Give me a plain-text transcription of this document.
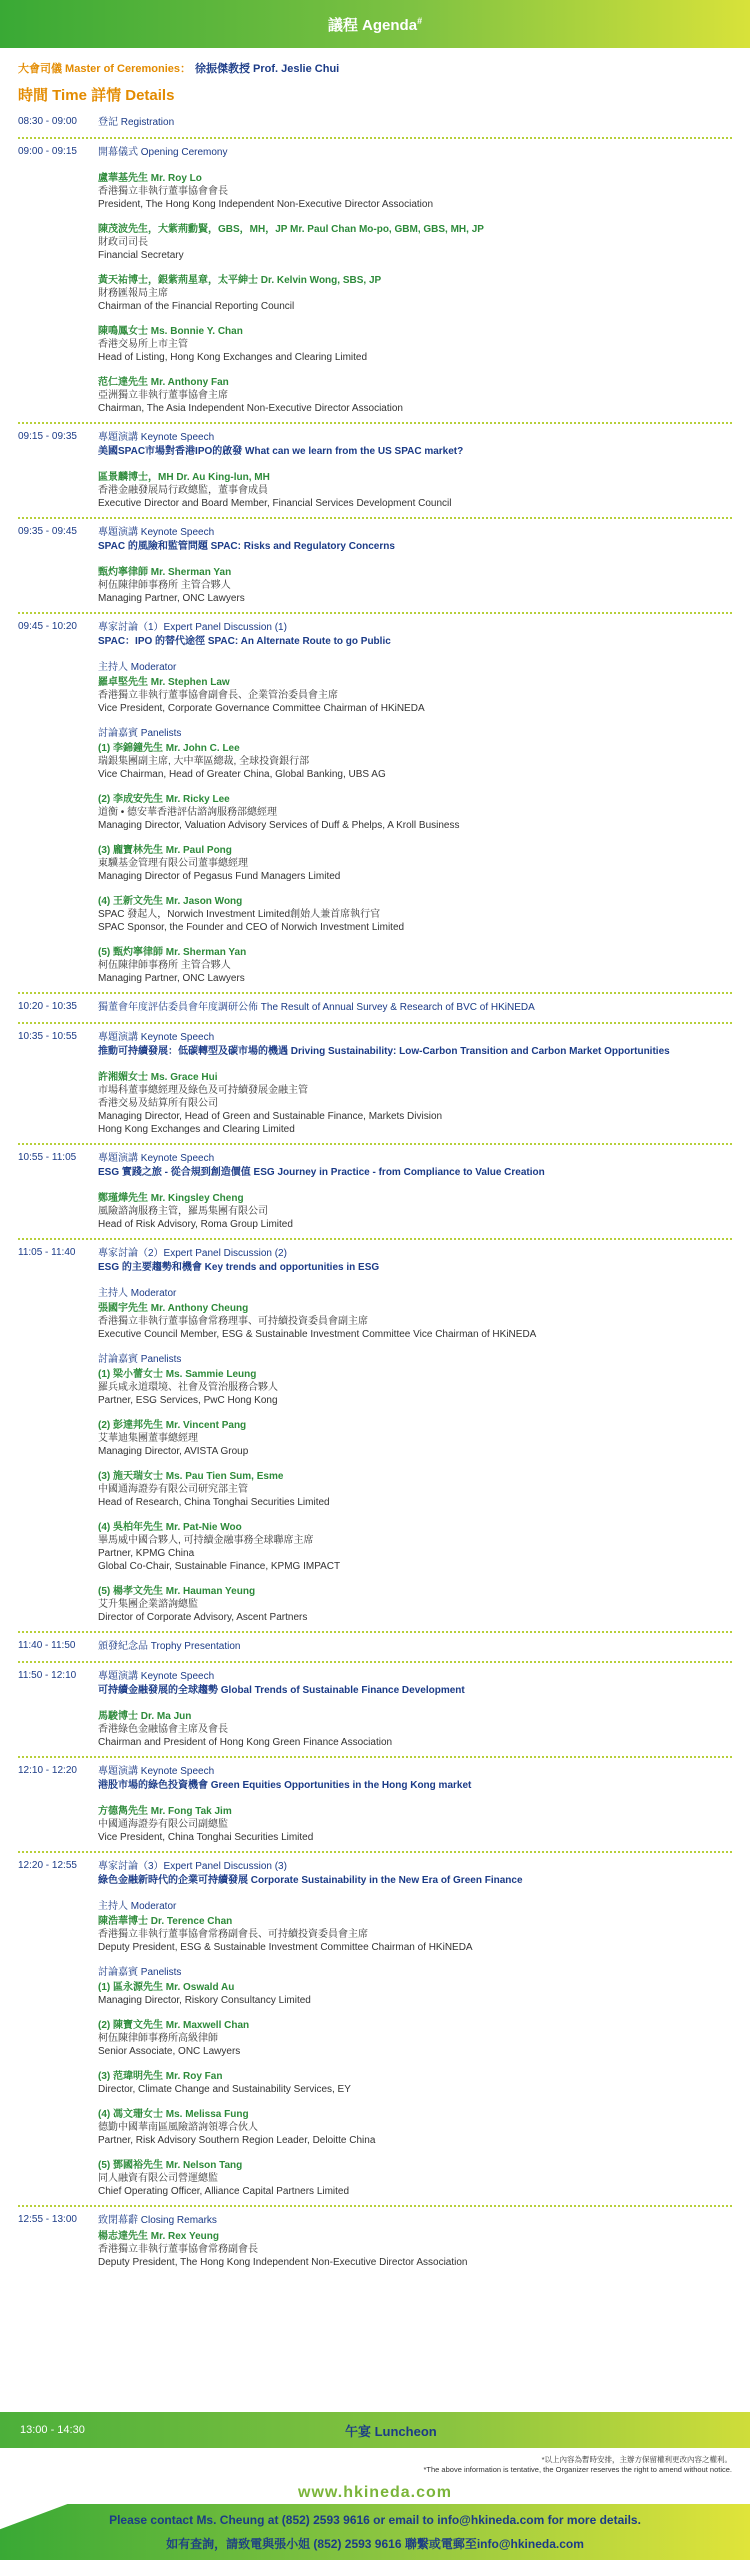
議程 Agenda#
大會司儀 Master of Ceremonies： 徐振傑教授 Prof. Jeslie Chui
時間 Time 詳情 Details
08:30 - 09:00	登記 Registration
09:00 - 09:15	開幕儀式 Opening Ceremony
盧華基先生 Mr. Roy Lo
香港獨立非執行董事協會會長
President, The Hong Kong Independent Non-Executive Director Association
陳茂波先生，大紫荊勳賢，GBS，MH，JP Mr. Paul Chan Mo-po, GBM, GBS, MH, JP
財政司司長
Financial Secretary
黃天祐博士，銀紫荊星章，太平紳士 Dr. Kelvin Wong, SBS, JP
財務匯報局主席
Chairman of the Financial Reporting Council
陳鳴鳳女士 Ms. Bonnie Y. Chan
香港交易所上市主管
Head of Listing, Hong Kong Exchanges and Clearing Limited
范仁達先生 Mr. Anthony Fan
亞洲獨立非執行董事協會主席
Chairman, The Asia Independent Non-Executive Director Association
09:15 - 09:35	專題演講 Keynote Speech
美國SPAC市場對香港IPO的啟發 What can we learn from the US SPAC market?
區景麟博士，MH Dr. Au King-lun, MH
香港金融發展局行政總監，董事會成員
Executive Director and Board Member, Financial Services Development Council
09:35 - 09:45	專題演講 Keynote Speech
SPAC 的風險和監管問題 SPAC: Risks and Regulatory Concerns
甄灼寧律師 Mr. Sherman Yan
柯伍陳律師事務所 主管合夥人
Managing Partner, ONC Lawyers
09:45 - 10:20	專家討論（1）Expert Panel Discussion (1)
SPAC：IPO 的替代途徑 SPAC: An Alternate Route to go Public
主持人 Moderator
羅卓堅先生 Mr. Stephen Law
香港獨立非執行董事協會副會長、企業管治委員會主席
Vice President, Corporate Governance Committee Chairman of HKiNEDA
討論嘉賓 Panelists
(1) 李錦鐘先生 Mr. John C. Lee
瑞銀集團副主席, 大中華區總裁, 全球投資銀行部
Vice Chairman, Head of Greater China, Global Banking, UBS AG
(2) 李成安先生 Mr. Ricky Lee
道衡 • 德安華香港評估諮詢服務部總經理
Managing Director, Valuation Advisory Services of Duff & Phelps, A Kroll Business
(3) 龐寶林先生 Mr. Paul Pong
東驥基金管理有限公司董事總經理
Managing Director of Pegasus Fund Managers Limited
(4) 王新文先生 Mr. Jason Wong
SPAC 發起人，Norwich Investment Limited創始人兼首席執行官
SPAC Sponsor, the Founder and CEO of Norwich Investment Limited
(5) 甄灼寧律師 Mr. Sherman Yan
柯伍陳律師事務所 主管合夥人
Managing Partner, ONC Lawyers
10:20 - 10:35	獨董會年度評估委員會年度調研公佈 The Result of Annual Survey & Research of BVC of HKiNEDA
10:35 - 10:55	專題演講 Keynote Speech
推動可持續發展：低碳轉型及碳市場的機遇 Driving Sustainability: Low-Carbon Transition and Carbon Market Opportunities
許湘媚女士 Ms. Grace Hui
市場科董事總經理及綠色及可持續發展金融主管
香港交易及結算所有限公司
Managing Director, Head of Green and Sustainable Finance, Markets Division
Hong Kong Exchanges and Clearing Limited
10:55 - 11:05	專題演講 Keynote Speech
ESG 實踐之旅 - 從合規到創造價值 ESG Journey in Practice - from Compliance to Value Creation
鄭瑾燁先生 Mr. Kingsley Cheng
風險諮詢服務主管，羅馬集團有限公司
Head of Risk Advisory, Roma Group Limited
11:05 - 11:40	專家討論（2）Expert Panel Discussion (2)
ESG 的主要趨勢和機會 Key trends and opportunities in ESG
主持人 Moderator
張國宇先生 Mr. Anthony Cheung
香港獨立非執行董事協會常務理事、可持續投資委員會副主席
Executive Council Member, ESG & Sustainable Investment Committee Vice Chairman of HKiNEDA
討論嘉賓 Panelists
(1) 梁小蕾女士 Ms. Sammie Leung
羅兵咸永道環境、社會及管治服務合夥人
Partner, ESG Services, PwC Hong Kong
(2) 彭達邦先生 Mr. Vincent Pang
艾華迪集團董事總經理
Managing Director, AVISTA Group
(3) 施天瑞女士 Ms. Pau Tien Sum, Esme
中國通海證券有限公司研究部主管
Head of Research, China Tonghai Securities Limited
(4) 吳柏年先生 Mr. Pat-Nie Woo
畢馬威中國合夥人, 可持續金融事務全球聯席主席
Partner, KPMG China
Global Co-Chair, Sustainable Finance, KPMG IMPACT
(5) 楊孝文先生 Mr. Hauman Yeung
艾升集團企業諮詢總監
Director of Corporate Advisory, Ascent Partners
11:40 - 11:50	頒發紀念品 Trophy Presentation
11:50 - 12:10	專題演講 Keynote Speech
可持續金融發展的全球趨勢 Global Trends of Sustainable Finance Development
馬駿博士 Dr. Ma Jun
香港綠色金融協會主席及會長
Chairman and President of Hong Kong Green Finance Association
12:10 - 12:20	專題演講 Keynote Speech
港股市場的綠色投資機會 Green Equities Opportunities in the Hong Kong market
方德雋先生 Mr. Fong Tak Jim
中國通海證券有限公司副總監
Vice President, China Tonghai Securities Limited
12:20 - 12:55	專家討論（3）Expert Panel Discussion (3)
綠色金融新時代的企業可持續發展 Corporate Sustainability in the New Era of Green Finance
主持人 Moderator
陳浩華博士 Dr. Terence Chan
香港獨立非執行董事協會常務副會長、可持續投資委員會主席
Deputy President, ESG & Sustainable Investment Committee Chairman of HKiNEDA
討論嘉賓 Panelists
(1) 區永源先生 Mr. Oswald Au
Managing Director, Riskory Consultancy Limited
(2) 陳寶文先生 Mr. Maxwell Chan
柯伍陳律師事務所高級律師
Senior Associate, ONC Lawyers
(3) 范瑋明先生 Mr. Roy Fan
Director, Climate Change and Sustainability Services, EY
(4) 馮文珊女士 Ms. Melissa Fung
德勤中國華南區風險諮詢領導合伙人
Partner, Risk Advisory Southern Region Leader, Deloitte China
(5) 鄧國裕先生 Mr. Nelson Tang
同人融資有限公司營運總監
Chief Operating Officer, Alliance Capital Partners Limited
12:55 - 13:00	致閉幕辭 Closing Remarks
楊志達先生 Mr. Rex Yeung
香港獨立非執行董事協會常務副會長
Deputy President, The Hong Kong Independent Non-Executive Director Association
13:00 - 14:30	午宴 Luncheon
*以上內容為暫時安排，主辦方保留權利更改內容之權利。
*The above information is tentative, the Organizer reserves the right to amend without notice.
www.hkineda.com
Please contact Ms. Cheung at (852) 2593 9616 or email to info@hkineda.com for more details.
如有查詢，請致電與張小姐 (852) 2593 9616 聯繫或電郵至info@hkineda.com
